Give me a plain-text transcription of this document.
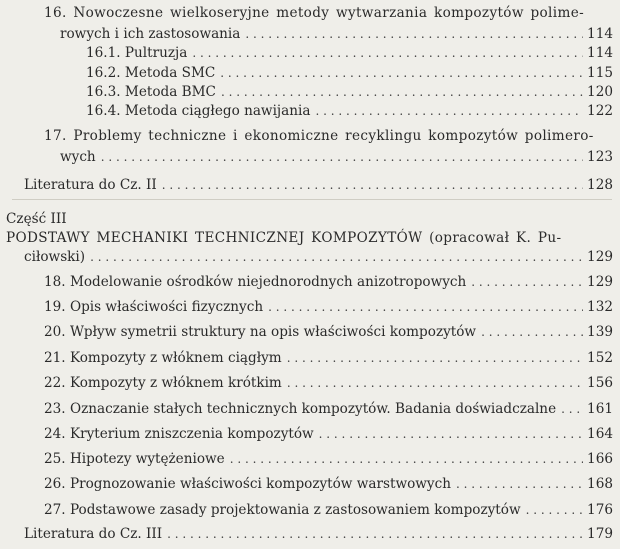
16. Nowoczesne wielkoseryjne metody wytwarzania kompozytów polime-
rowych i ich zastosowania . . .	114
16.1. Pultruzja . . .	114
16.2. Metoda SMC . . .	115
16.3. Metoda BMC . . .	120
16.4. Metoda ciągłego nawijania . . .	122
17. Problemy techniczne i ekonomiczne recyklingu kompozytów polimero-
wych . . .	123
Literatura do Cz. II . . .	128
Część III
PODSTAWY MECHANIKI TECHNICZNEJ KOMPOZYTÓW (opracował K. Pu-
ciłowski) . . .	129
18. Modelowanie ośrodków niejednorodnych anizotropowych . . .	129
19. Opis właściwości fizycznych . . .	132
20. Wpływ symetrii struktury na opis właściwości kompozytów . . .	139
21. Kompozyty z włóknem ciągłym . . .	152
22. Kompozyty z włóknem krótkim . . .	156
23. Oznaczanie stałych technicznych kompozytów. Badania doświadczalne . . . 161
24. Kryterium zniszczenia kompozytów . . .	164
25. Hipotezy wytężeniowe . . .	166
26. Prognozowanie właściwości kompozytów warstwowych . . .	168
27. Podstawowe zasady projektowania z zastosowaniem kompozytów . . .	176
Literatura do Cz. III . . .	179
